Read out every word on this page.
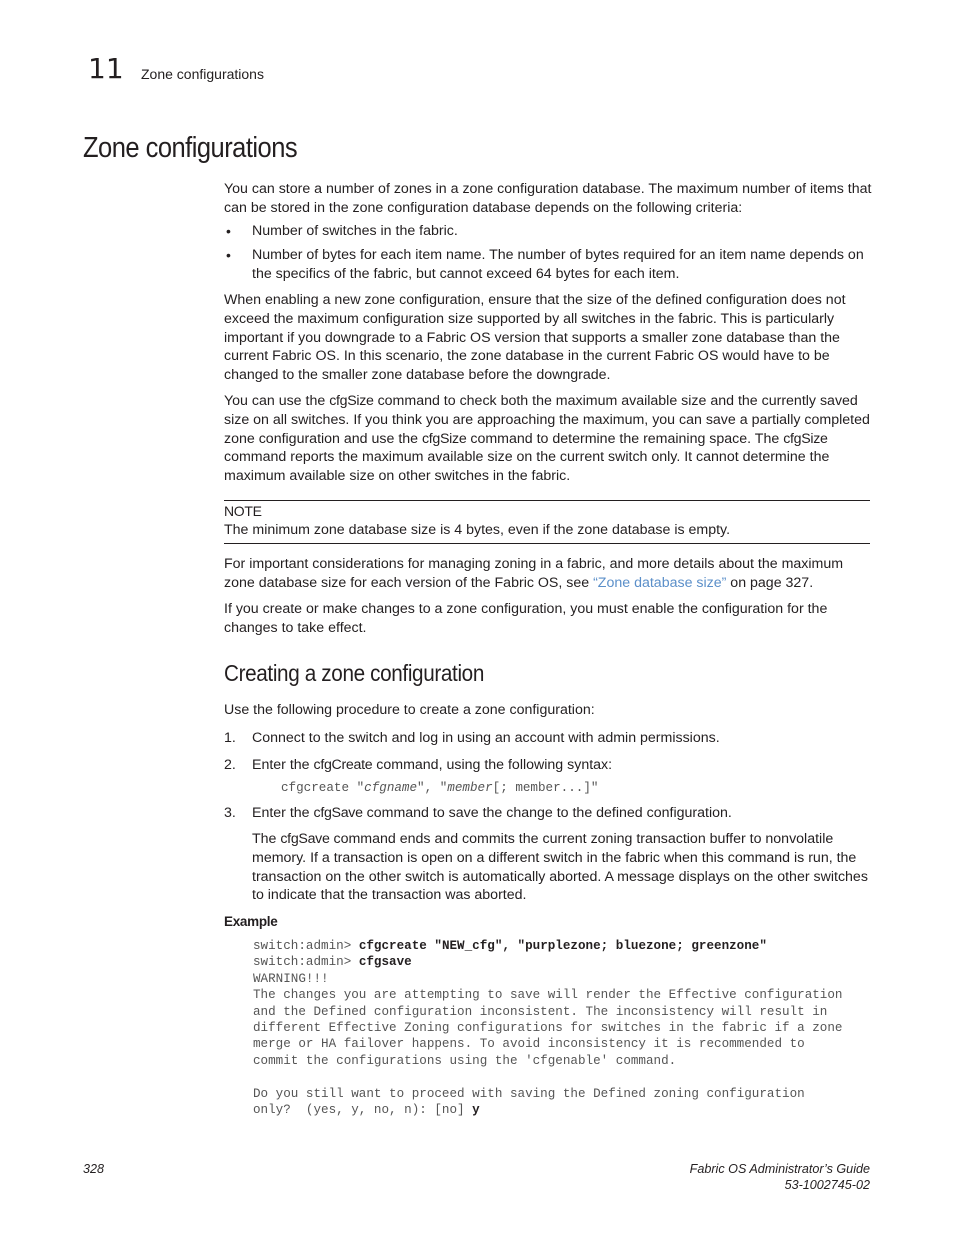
11 Zone configurations
Zone configurations
You can store a number of zones in a zone configuration database. The maximum number of items that can be stored in the zone configuration database depends on the following criteria:
• Number of switches in the fabric.
• Number of bytes for each item name. The number of bytes required for an item name depends on the specifics of the fabric, but cannot exceed 64 bytes for each item.
When enabling a new zone configuration, ensure that the size of the defined configuration does not exceed the maximum configuration size supported by all switches in the fabric. This is particularly important if you downgrade to a Fabric OS version that supports a smaller zone database than the current Fabric OS. In this scenario, the zone database in the current Fabric OS would have to be changed to the smaller zone database before the downgrade.
You can use the cfgSize command to check both the maximum available size and the currently saved size on all switches. If you think you are approaching the maximum, you can save a partially completed zone configuration and use the cfgSize command to determine the remaining space. The cfgSize command reports the maximum available size on the current switch only. It cannot determine the maximum available size on other switches in the fabric.
NOTE
The minimum zone database size is 4 bytes, even if the zone database is empty.
For important considerations for managing zoning in a fabric, and more details about the maximum zone database size for each version of the Fabric OS, see “Zone database size” on page 327.
If you create or make changes to a zone configuration, you must enable the configuration for the changes to take effect.
Creating a zone configuration
Use the following procedure to create a zone configuration:
1. Connect to the switch and log in using an account with admin permissions.
2. Enter the cfgCreate command, using the following syntax:
cfgcreate "cfgname", "member[; member...]"
3. Enter the cfgSave command to save the change to the defined configuration.
The cfgSave command ends and commits the current zoning transaction buffer to nonvolatile memory. If a transaction is open on a different switch in the fabric when this command is run, the transaction on the other switch is automatically aborted. A message displays on the other switches to indicate that the transaction was aborted.
Example
switch:admin> cfgcreate "NEW_cfg", "purplezone; bluezone; greenzone"
switch:admin> cfgsave
WARNING!!!
The changes you are attempting to save will render the Effective configuration
and the Defined configuration inconsistent. The inconsistency will result in
different Effective Zoning configurations for switches in the fabric if a zone
merge or HA failover happens. To avoid inconsistency it is recommended to
commit the configurations using the 'cfgenable' command.

Do you still want to proceed with saving the Defined zoning configuration
only?  (yes, y, no, n): [no] y
328	Fabric OS Administrator’s Guide
53-1002745-02
